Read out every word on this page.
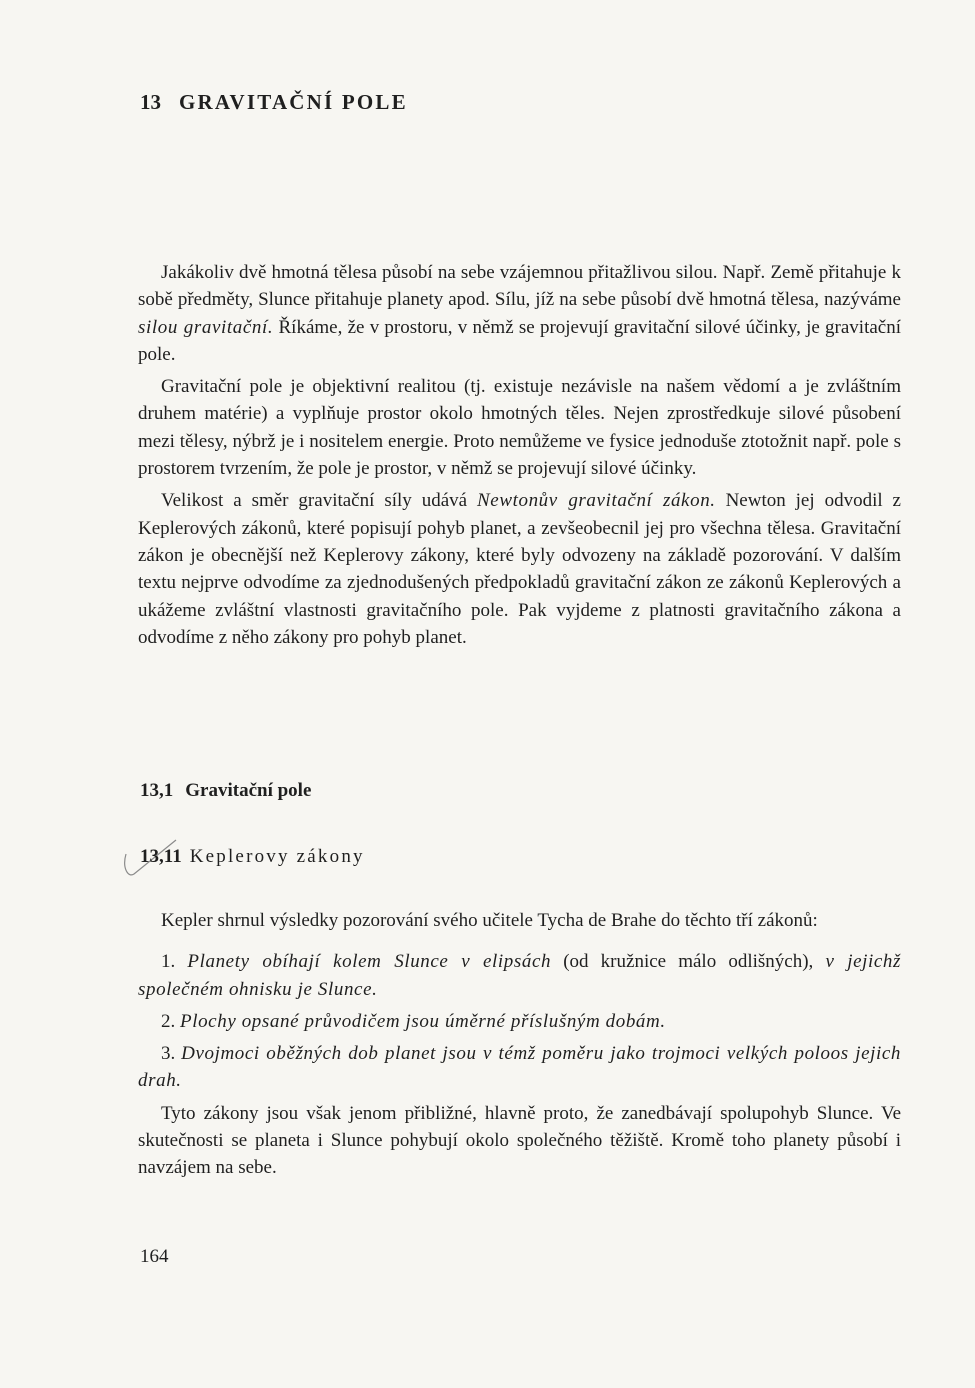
13 GRAVITAČNÍ POLE

Jakákoliv dvě hmotná tělesa působí na sebe vzájemnou přitažlivou silou. Např. Země přitahuje k sobě předměty, Slunce přitahuje planety apod. Sílu, jíž na sebe působí dvě hmotná tělesa, nazýváme silou gravitační. Říkáme, že v prostoru, v němž se projevují gravitační silové účinky, je gravitační pole.

Gravitační pole je objektivní realitou (tj. existuje nezávisle na našem vědomí a je zvláštním druhem matérie) a vyplňuje prostor okolo hmotných těles. Nejen zprostředkuje silové působení mezi tělesy, nýbrž je i nositelem energie. Proto nemůžeme ve fysice jednoduše ztotožnit např. pole s prostorem tvrzením, že pole je prostor, v němž se projevují silové účinky.

Velikost a směr gravitační síly udává Newtonův gravitační zákon. Newton jej odvodil z Keplerových zákonů, které popisují pohyb planet, a zevšeobecnil jej pro všechna tělesa. Gravitační zákon je obecnější než Keplerovy zákony, které byly odvozeny na základě pozorování. V dalším textu nejprve odvodíme za zjednodušených předpokladů gravitační zákon ze zákonů Keplerových a ukážeme zvláštní vlastnosti gravitačního pole. Pak vyjdeme z platnosti gravitačního zákona a odvodíme z něho zákony pro pohyb planet.

13,1 Gravitační pole
13,11 Keplerovy zákony

Kepler shrnul výsledky pozorování svého učitele Tycha de Brahe do těchto tří zákonů:

1. Planety obíhají kolem Slunce v elipsách (od kružnice málo odlišných), v jejichž společném ohnisku je Slunce.

2. Plochy opsané průvodičem jsou úměrné příslušným dobám.

3. Dvojmoci oběžných dob planet jsou v témž poměru jako trojmoci velkých poloos jejich drah.

Tyto zákony jsou však jenom přibližné, hlavně proto, že zanedbávají spolupohyb Slunce. Ve skutečnosti se planeta i Slunce pohybují okolo společného těžiště. Kromě toho planety působí i navzájem na sebe.

164
